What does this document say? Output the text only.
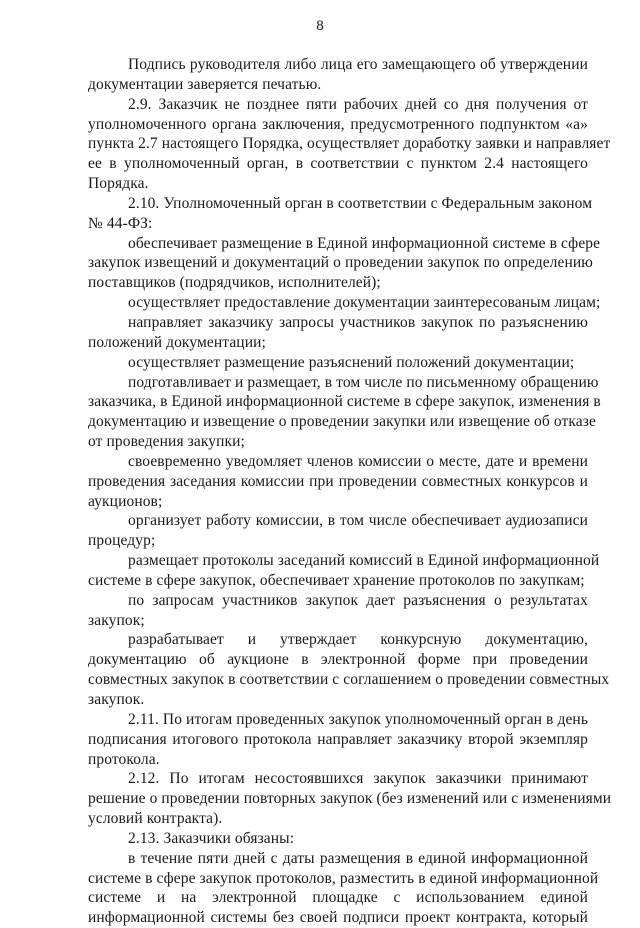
8
Подпись руководителя либо лица его замещающего об утверждении
документации заверяется печатью.
2.9. Заказчик не позднее пяти рабочих дней со дня получения от
уполномоченного органа заключения, предусмотренного подпунктом «а»
пункта 2.7 настоящего Порядка, осуществляет доработку заявки и направляет
ее в уполномоченный орган, в соответствии с пунктом 2.4 настоящего
Порядка.
2.10. Уполномоченный орган в соответствии с Федеральным законом
№ 44-ФЗ:
обеспечивает размещение в Единой информационной системе в сфере
закупок извещений и документаций о проведении закупок по определению
поставщиков (подрядчиков, исполнителей);
осуществляет предоставление документации заинтересованым лицам;
направляет заказчику запросы участников закупок по разъяснению
положений документации;
осуществляет размещение разъяснений положений документации;
подготавливает и размещает, в том числе по письменному обращению
заказчика, в Единой информационной системе в сфере закупок, изменения в
документацию и извещение о проведении закупки или извещение об отказе
от проведения закупки;
своевременно уведомляет членов комиссии о месте, дате и времени
проведения заседания комиссии при проведении совместных конкурсов и
аукционов;
организует работу комиссии, в том числе обеспечивает аудиозаписи
процедур;
размещает протоколы заседаний комиссий в Единой информационной
системе в сфере закупок, обеспечивает хранение протоколов по закупкам;
по запросам участников закупок дает разъяснения о результатах
закупок;
разрабатывает и утверждает конкурсную документацию,
документацию об аукционе в электронной форме при проведении
совместных закупок в соответствии с соглашением о проведении совместных
закупок.
2.11. По итогам проведенных закупок уполномоченный орган в день
подписания итогового протокола направляет заказчику второй экземпляр
протокола.
2.12. По итогам несостоявшихся закупок заказчики принимают
решение о проведении повторных закупок (без изменений или с изменениями
условий контракта).
2.13. Заказчики обязаны:
в течение пяти дней с даты размещения в единой информационной
системе в сфере закупок протоколов, разместить в единой информационной
системе и на электронной площадке с использованием единой
информационной системы без своей подписи проект контракта, который
